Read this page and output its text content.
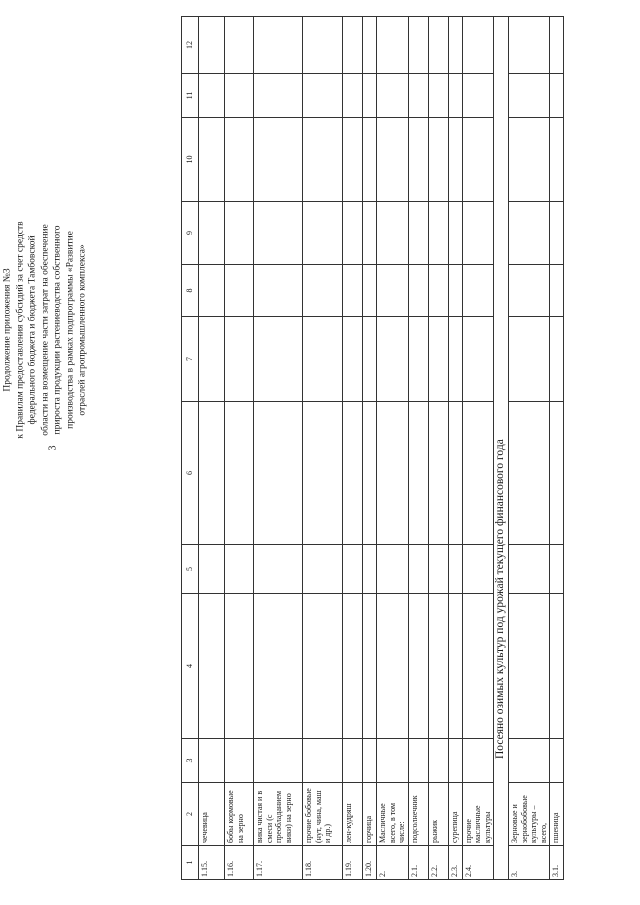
3
Продолжение приложения №3 к Правилам предоставления субсидий за счет средств федерального бюджета и бюджета Тамбовской области на возмещение части затрат на обеспечение прироста продукции растениеводства собственного производства в рамках подпрограммы «Развитие отраслей агропромышленного комплекса»
1	2	3	4	5	6	7	8	9	10	11	12
1.15.	чечевица										
1.16.	бобы кормовые на зерно										
1.17.	вика чистая и в смеси (с преобладанием вики) на зерно										
1.18.	прочие бобовые (нут, чина, маш и др.)										
1.19.	лен-кудряш										
1.20.	горчица										
2.	Масличные всего, в том числе:										
2.1.	подсолнечник										
2.2.	рыжик										
2.3.	сурепица										
2.4.	прочие масличные культуры										
Посеяно озимых культур под урожай текущего финансового года											
3.	Зерновые и зернобобовые культуры – всего,										
3.1.	пшеница										
